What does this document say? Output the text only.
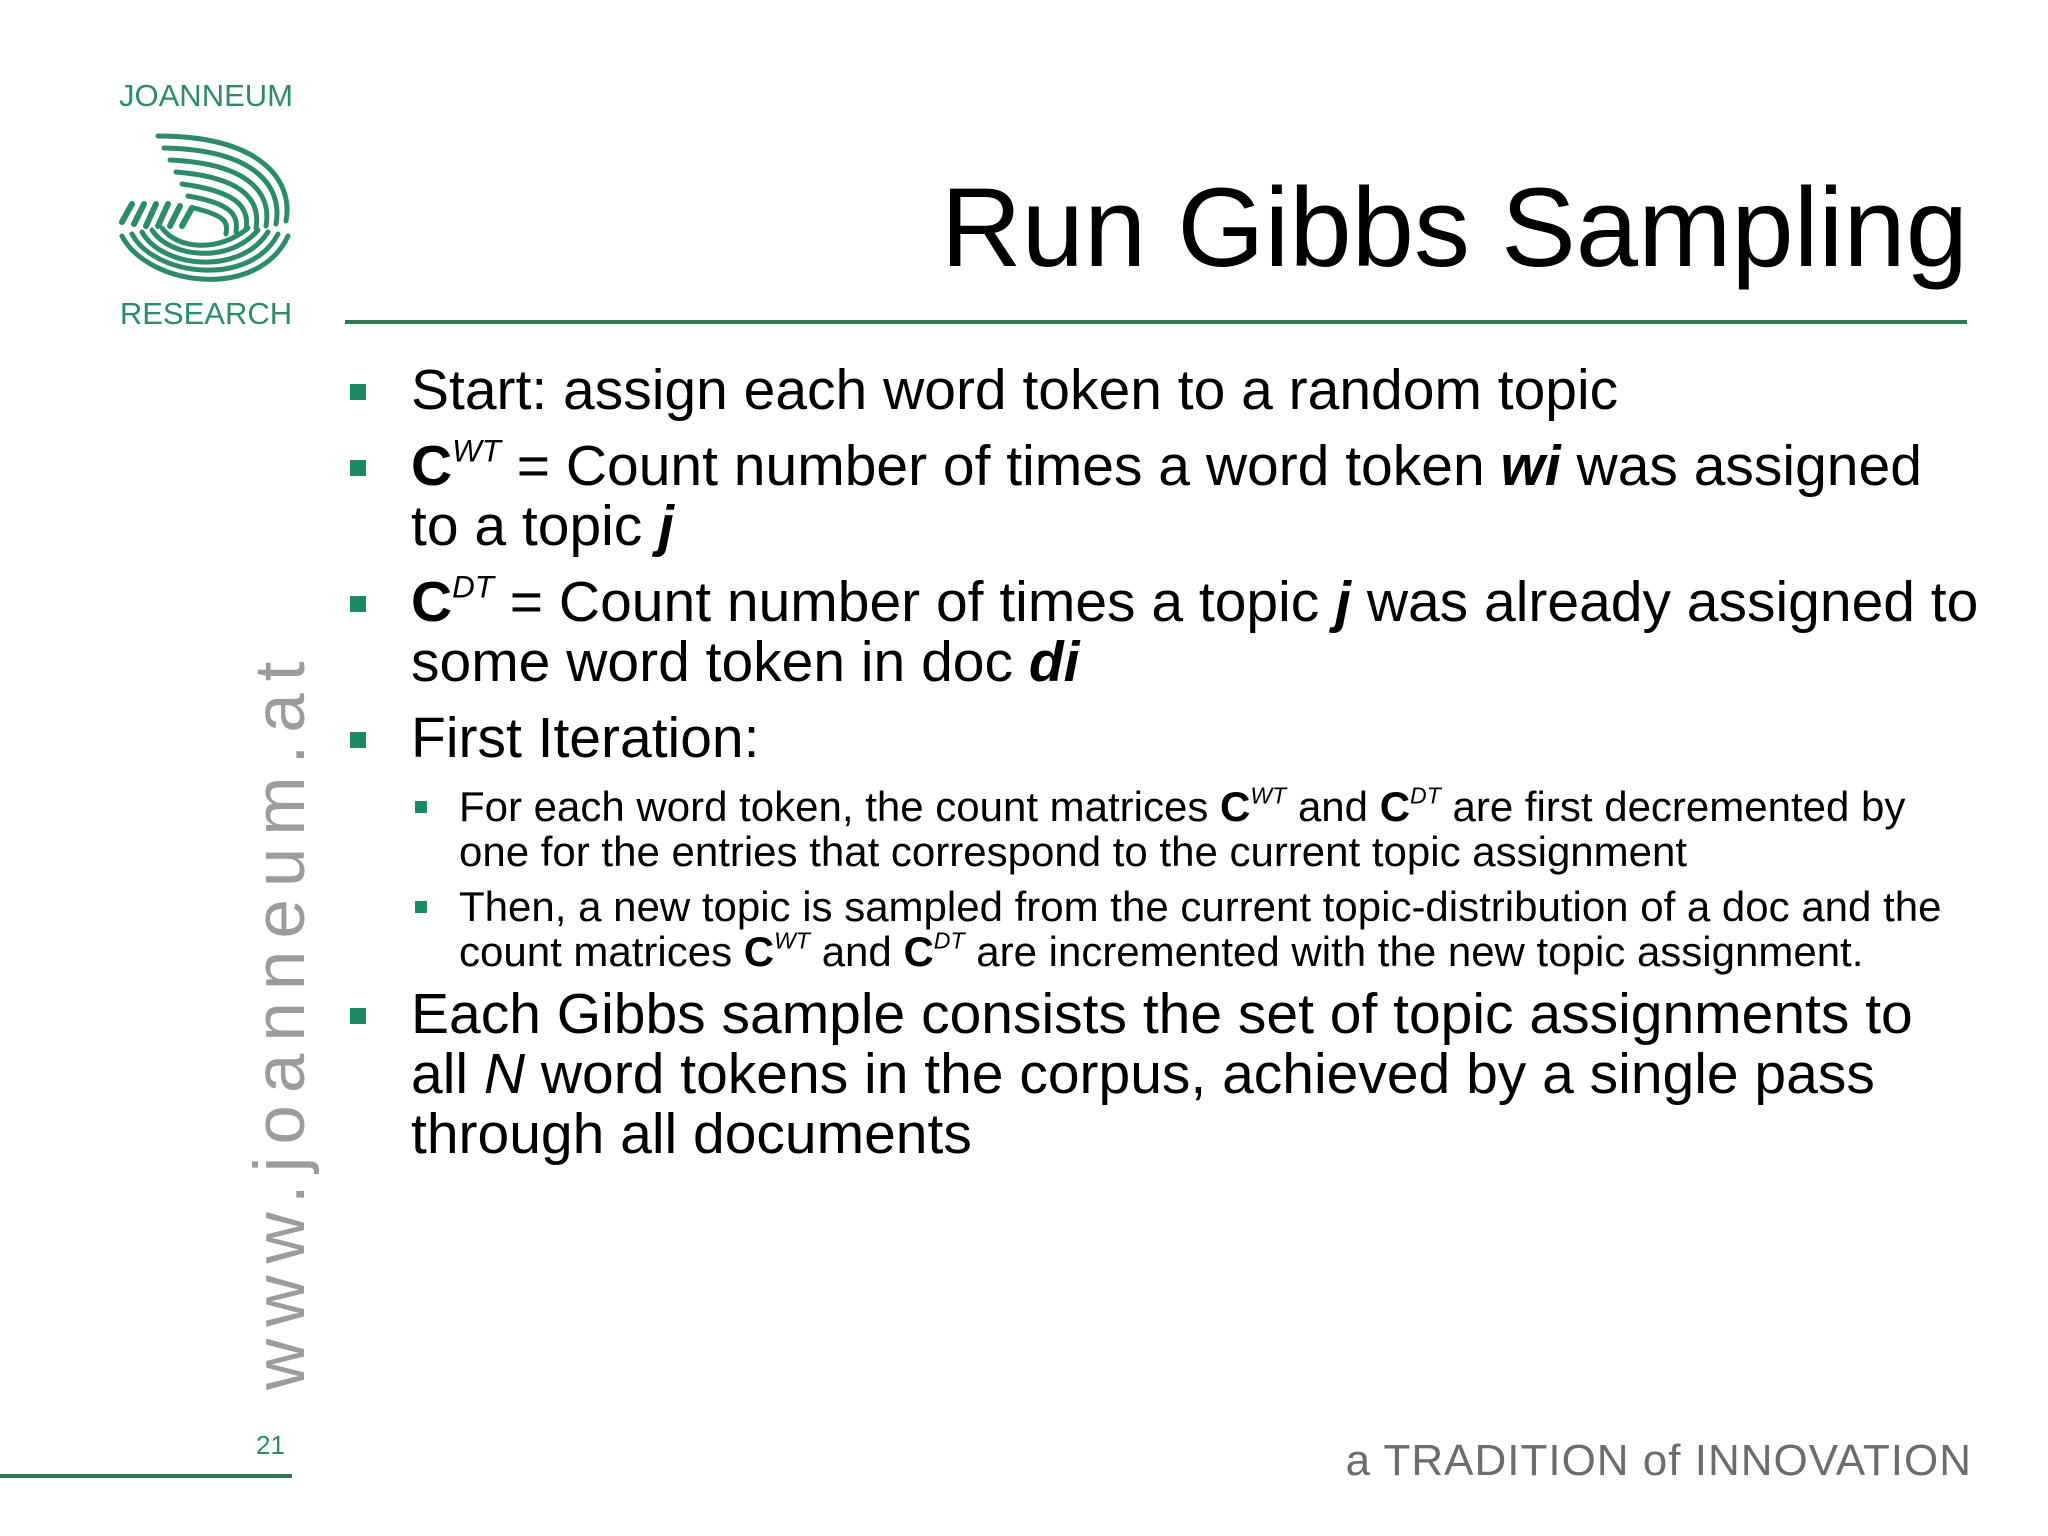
JOANNEUM
RESEARCH
Run Gibbs Sampling
Start: assign each word token to a random topic
$C^{WT}$ = Count number of times a word token wi was assigned to a topic j
$C^{DT}$ = Count number of times a topic j was already assigned to some word token in doc di
First Iteration:
For each word token, the count matrices $C^{WT}$ and $C^{DT}$ are first decremented by one for the entries that correspond to the current topic assignment
Then, a new topic is sampled from the current topic-distribution of a doc and the count matrices $C^{WT}$ and $C^{DT}$ are incremented with the new topic assignment.
Each Gibbs sample consists the set of topic assignments to all N word tokens in the corpus, achieved by a single pass through all documents
www.joanneum.at
21	a TRADITION of INNOVATION
